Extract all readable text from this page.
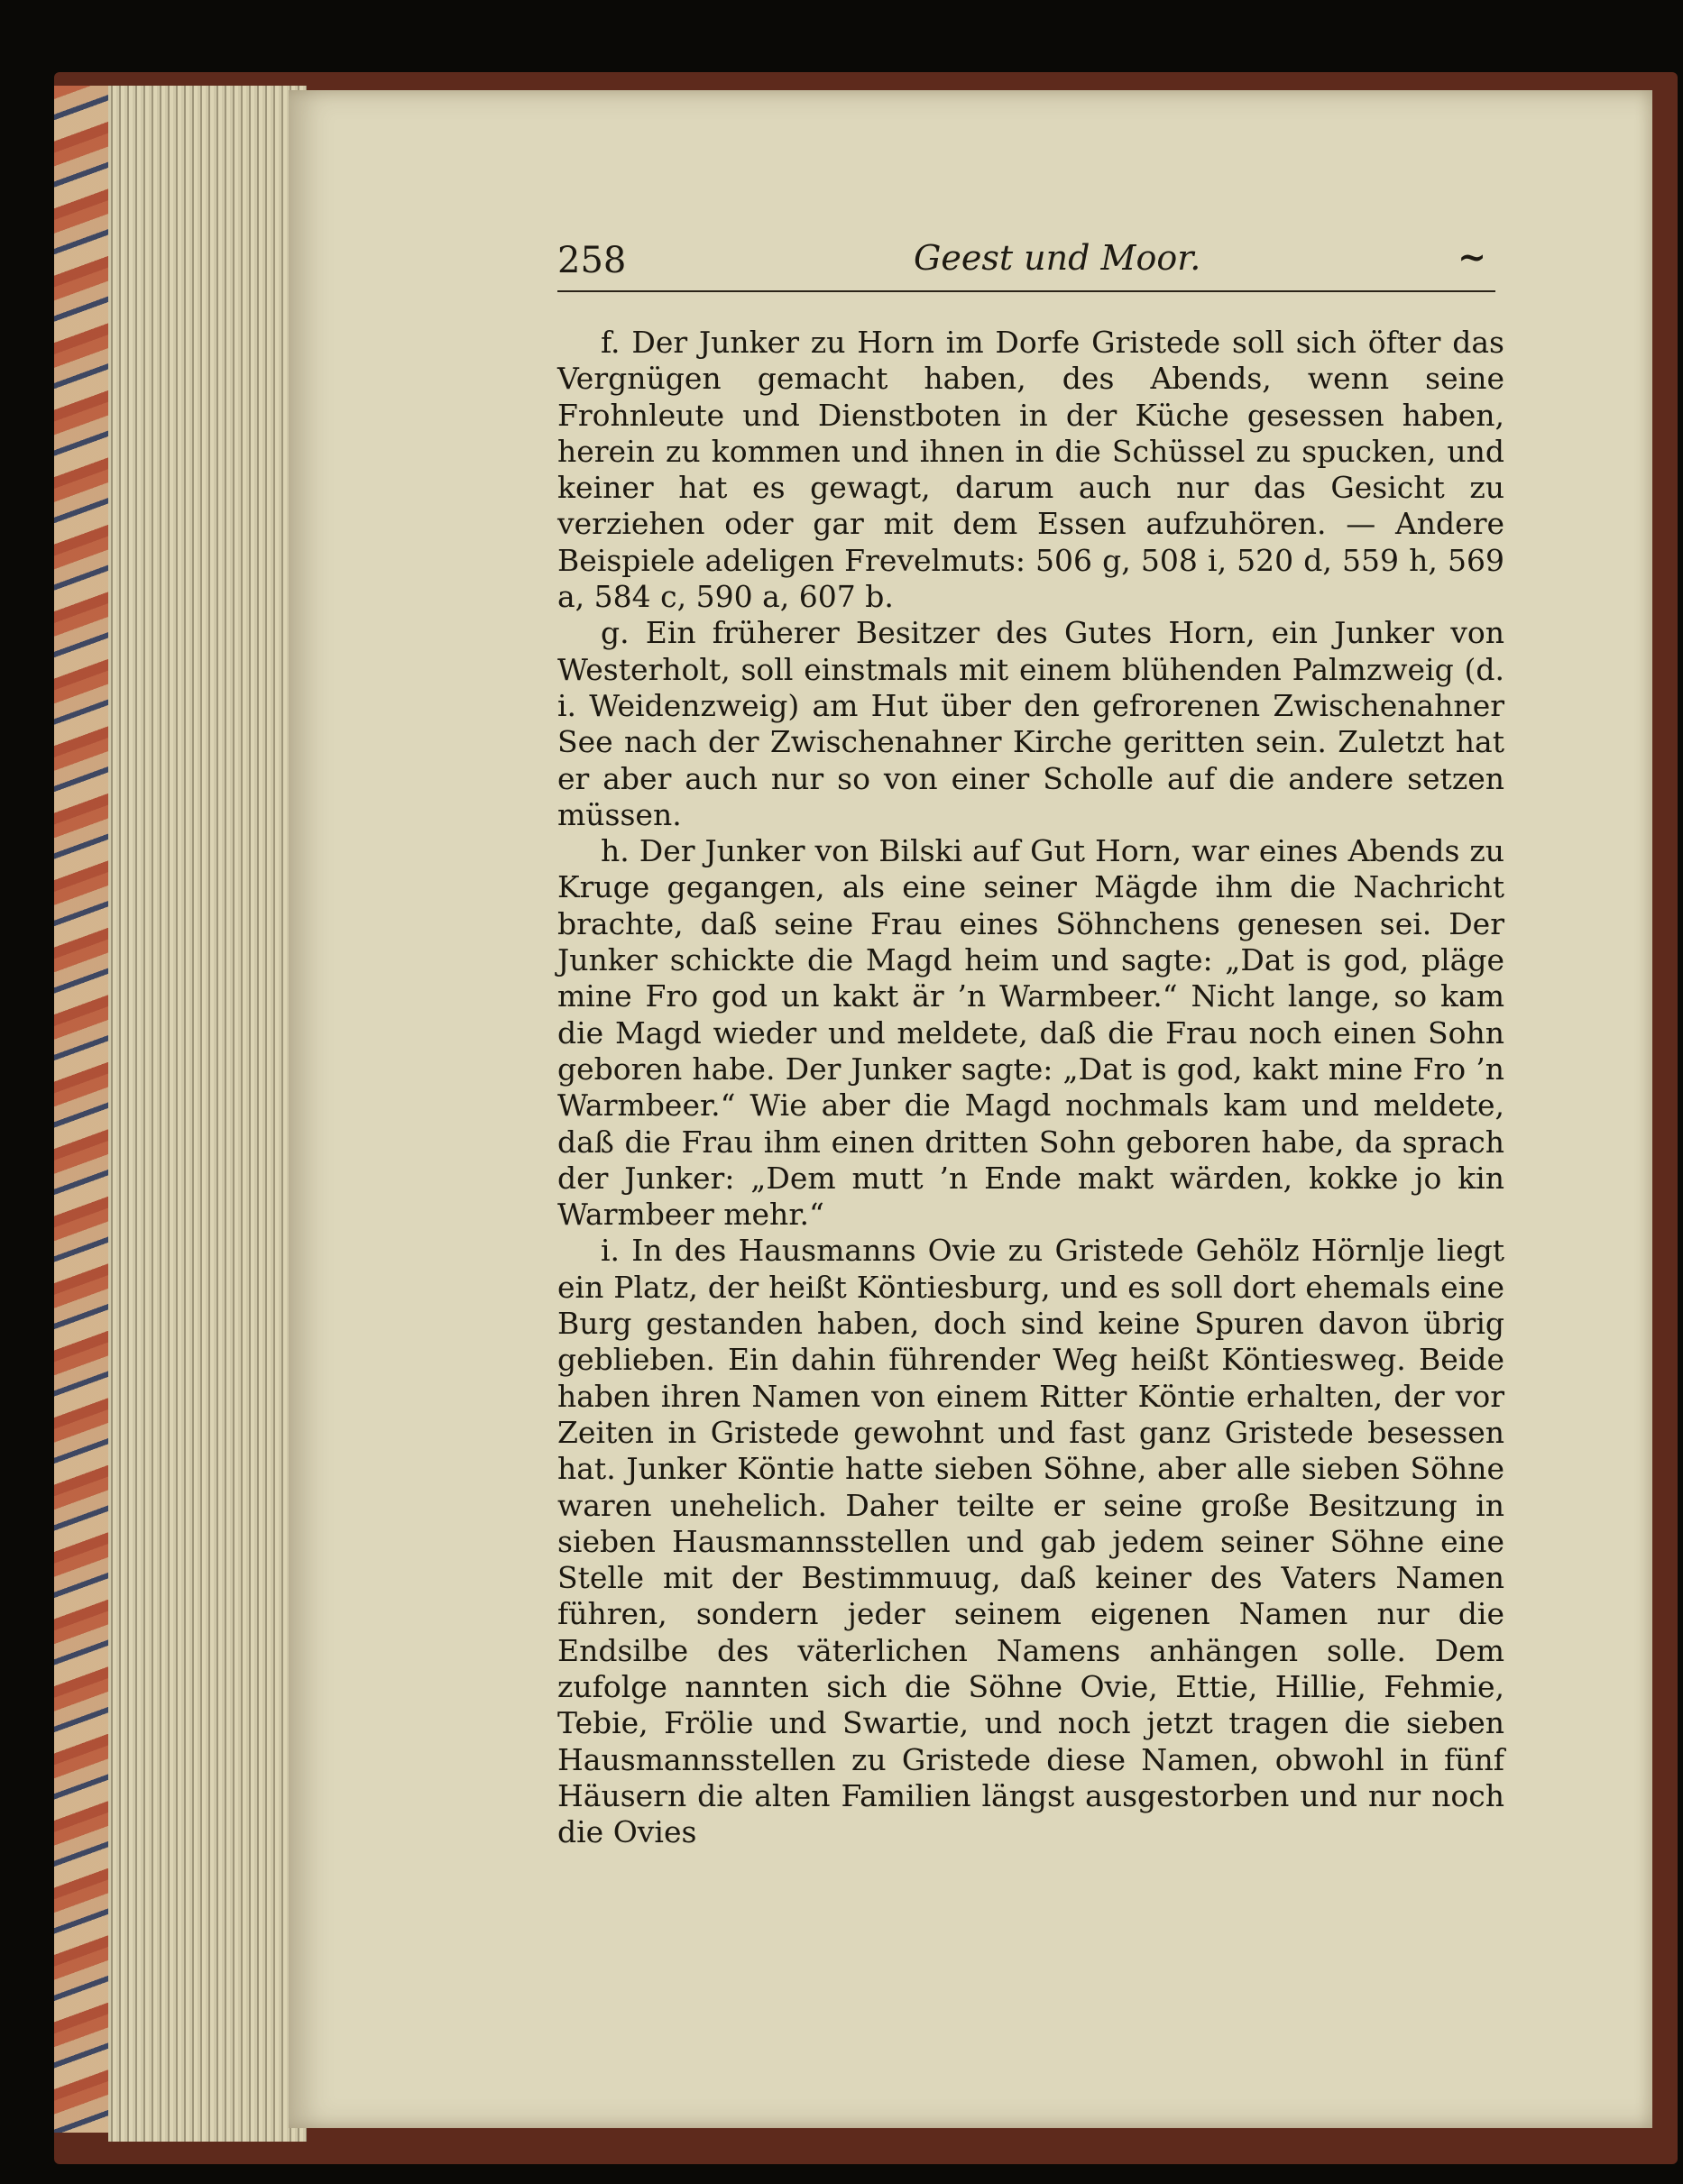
258	Geest und Moor.	~

f. Der Junker zu Horn im Dorfe Gristede soll sich öfter das Vergnügen gemacht haben, des Abends, wenn seine Frohnleute und Dienstboten in der Küche gesessen haben, herein zu kommen und ihnen in die Schüssel zu spucken, und keiner hat es gewagt, darum auch nur das Gesicht zu verziehen oder gar mit dem Essen aufzuhören. — Andere Beispiele adeligen Frevelmuts: 506 g, 508 i, 520 d, 559 h, 569 a, 584 c, 590 a, 607 b.

g. Ein früherer Besitzer des Gutes Horn, ein Junker von Westerholt, soll einstmals mit einem blühenden Palmzweig (d. i. Weidenzweig) am Hut über den gefrorenen Zwischenahner See nach der Zwischenahner Kirche geritten sein. Zuletzt hat er aber auch nur so von einer Scholle auf die andere setzen müssen.

h. Der Junker von Bilski auf Gut Horn, war eines Abends zu Kruge gegangen, als eine seiner Mägde ihm die Nachricht brachte, daß seine Frau eines Söhnchens genesen sei. Der Junker schickte die Magd heim und sagte: „Dat is god, pläge mine Fro god un kakt är ’n Warmbeer.“ Nicht lange, so kam die Magd wieder und meldete, daß die Frau noch einen Sohn geboren habe. Der Junker sagte: „Dat is god, kakt mine Fro ’n Warmbeer.“ Wie aber die Magd nochmals kam und meldete, daß die Frau ihm einen dritten Sohn geboren habe, da sprach der Junker: „Dem mutt ’n Ende makt wärden, kokke jo kin Warmbeer mehr.“

i. In des Hausmanns Ovie zu Gristede Gehölz Hörnlje liegt ein Platz, der heißt Köntiesburg, und es soll dort ehemals eine Burg gestanden haben, doch sind keine Spuren davon übrig geblieben. Ein dahin führender Weg heißt Köntiesweg. Beide haben ihren Namen von einem Ritter Köntie erhalten, der vor Zeiten in Gristede gewohnt und fast ganz Gristede besessen hat. Junker Köntie hatte sieben Söhne, aber alle sieben Söhne waren unehelich. Daher teilte er seine große Besitzung in sieben Hausmannsstellen und gab jedem seiner Söhne eine Stelle mit der Bestimmuug, daß keiner des Vaters Namen führen, sondern jeder seinem eigenen Namen nur die Endsilbe des väterlichen Namens anhängen solle. Dem zufolge nannten sich die Söhne Ovie, Ettie, Hillie, Fehmie, Tebie, Frölie und Swartie, und noch jetzt tragen die sieben Hausmannsstellen zu Gristede diese Namen, obwohl in fünf Häusern die alten Familien längst ausgestorben und nur noch die Ovies
